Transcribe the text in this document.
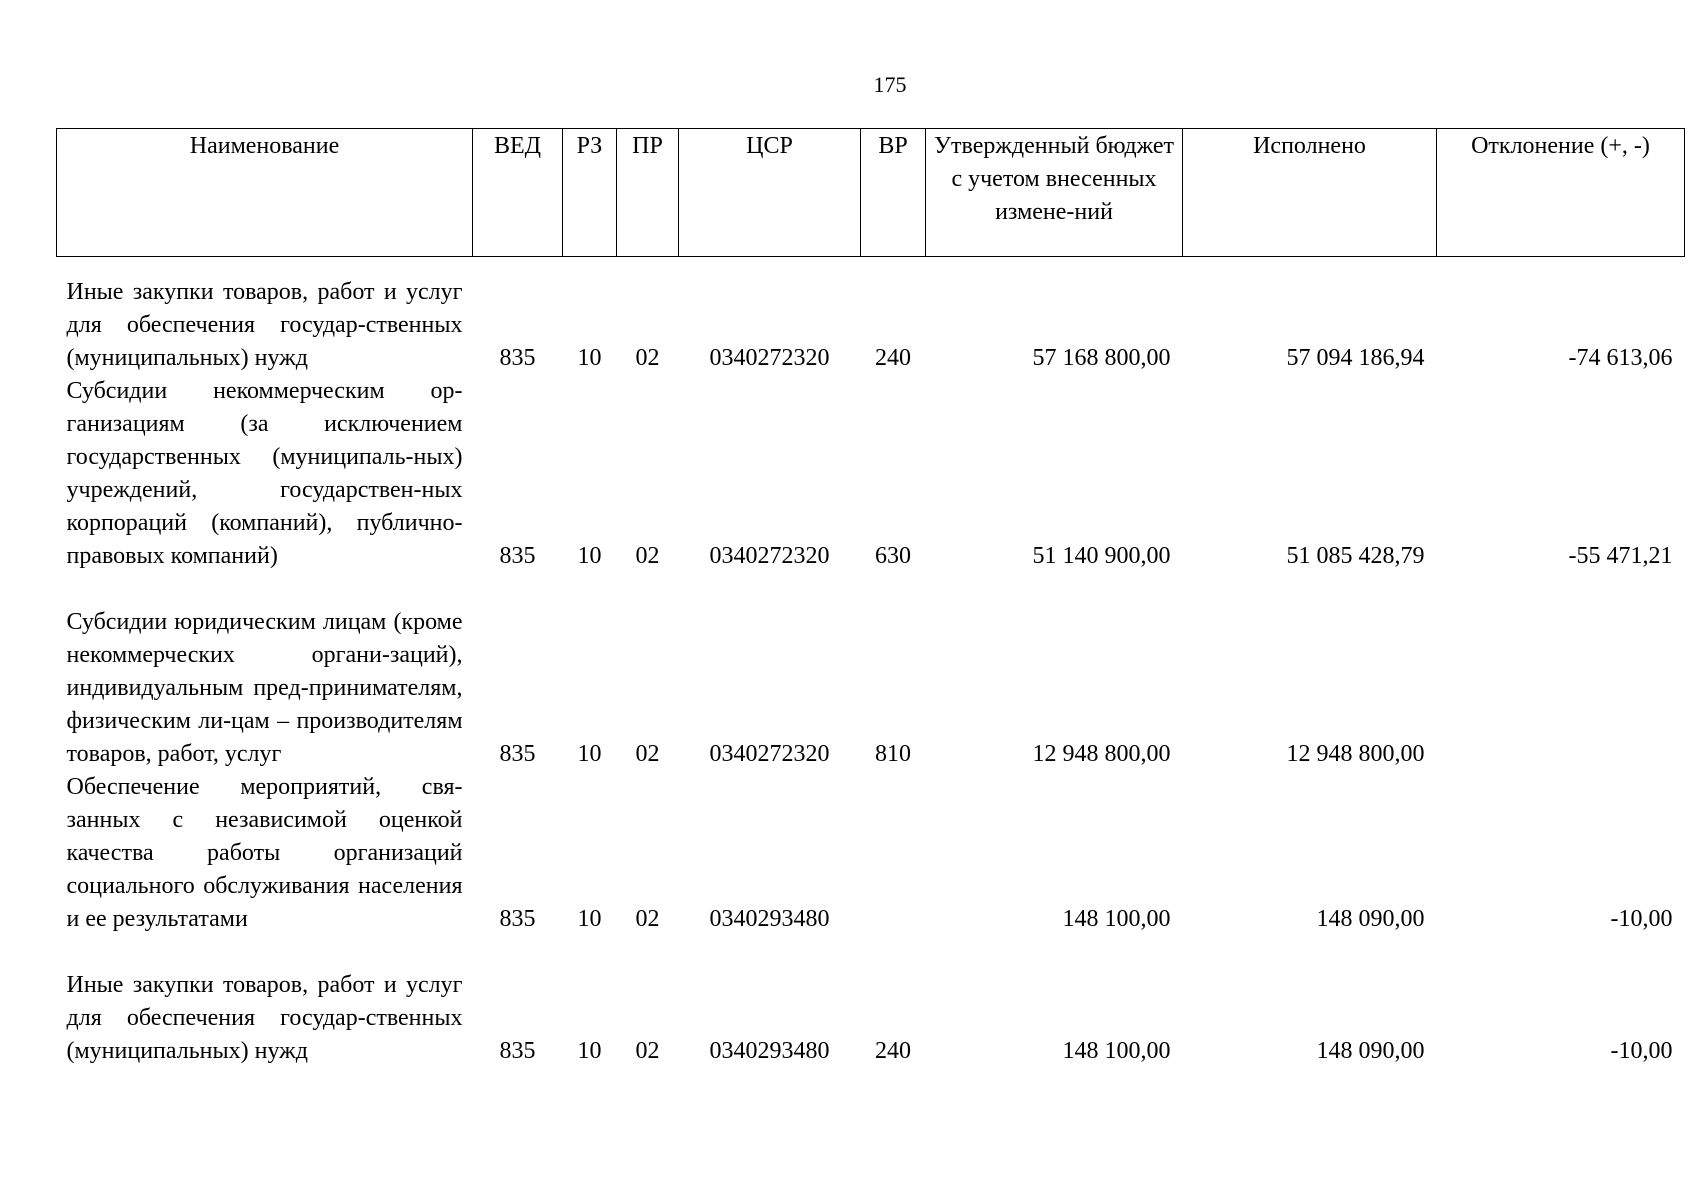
175
Наименование	ВЕД	РЗ	ПР	ЦСР	ВР	Утвержденный бюджет с учетом внесенных измене-ний	Исполнено	Отклонение (+, -)
Иные закупки товаров, работ и услуг для обеспечения государ-ственных (муниципальных) нужд	835	10	02	0340272320	240	57 168 800,00	57 094 186,94	-74 613,06
Субсидии некоммерческим ор-ганизациям (за исключением государственных (муниципаль-ных) учреждений, государствен-ных корпораций (компаний), публично-правовых компаний)	835	10	02	0340272320	630	51 140 900,00	51 085 428,79	-55 471,21
Субсидии юридическим лицам (кроме некоммерческих органи-заций), индивидуальным пред-принимателям, физическим ли-цам – производителям товаров, работ, услуг	835	10	02	0340272320	810	12 948 800,00	12 948 800,00	
Обеспечение мероприятий, свя-занных с независимой оценкой качества работы организаций социального обслуживания населения и ее результатами	835	10	02	0340293480		148 100,00	148 090,00	-10,00
Иные закупки товаров, работ и услуг для обеспечения государ-ственных (муниципальных) нужд	835	10	02	0340293480	240	148 100,00	148 090,00	-10,00
